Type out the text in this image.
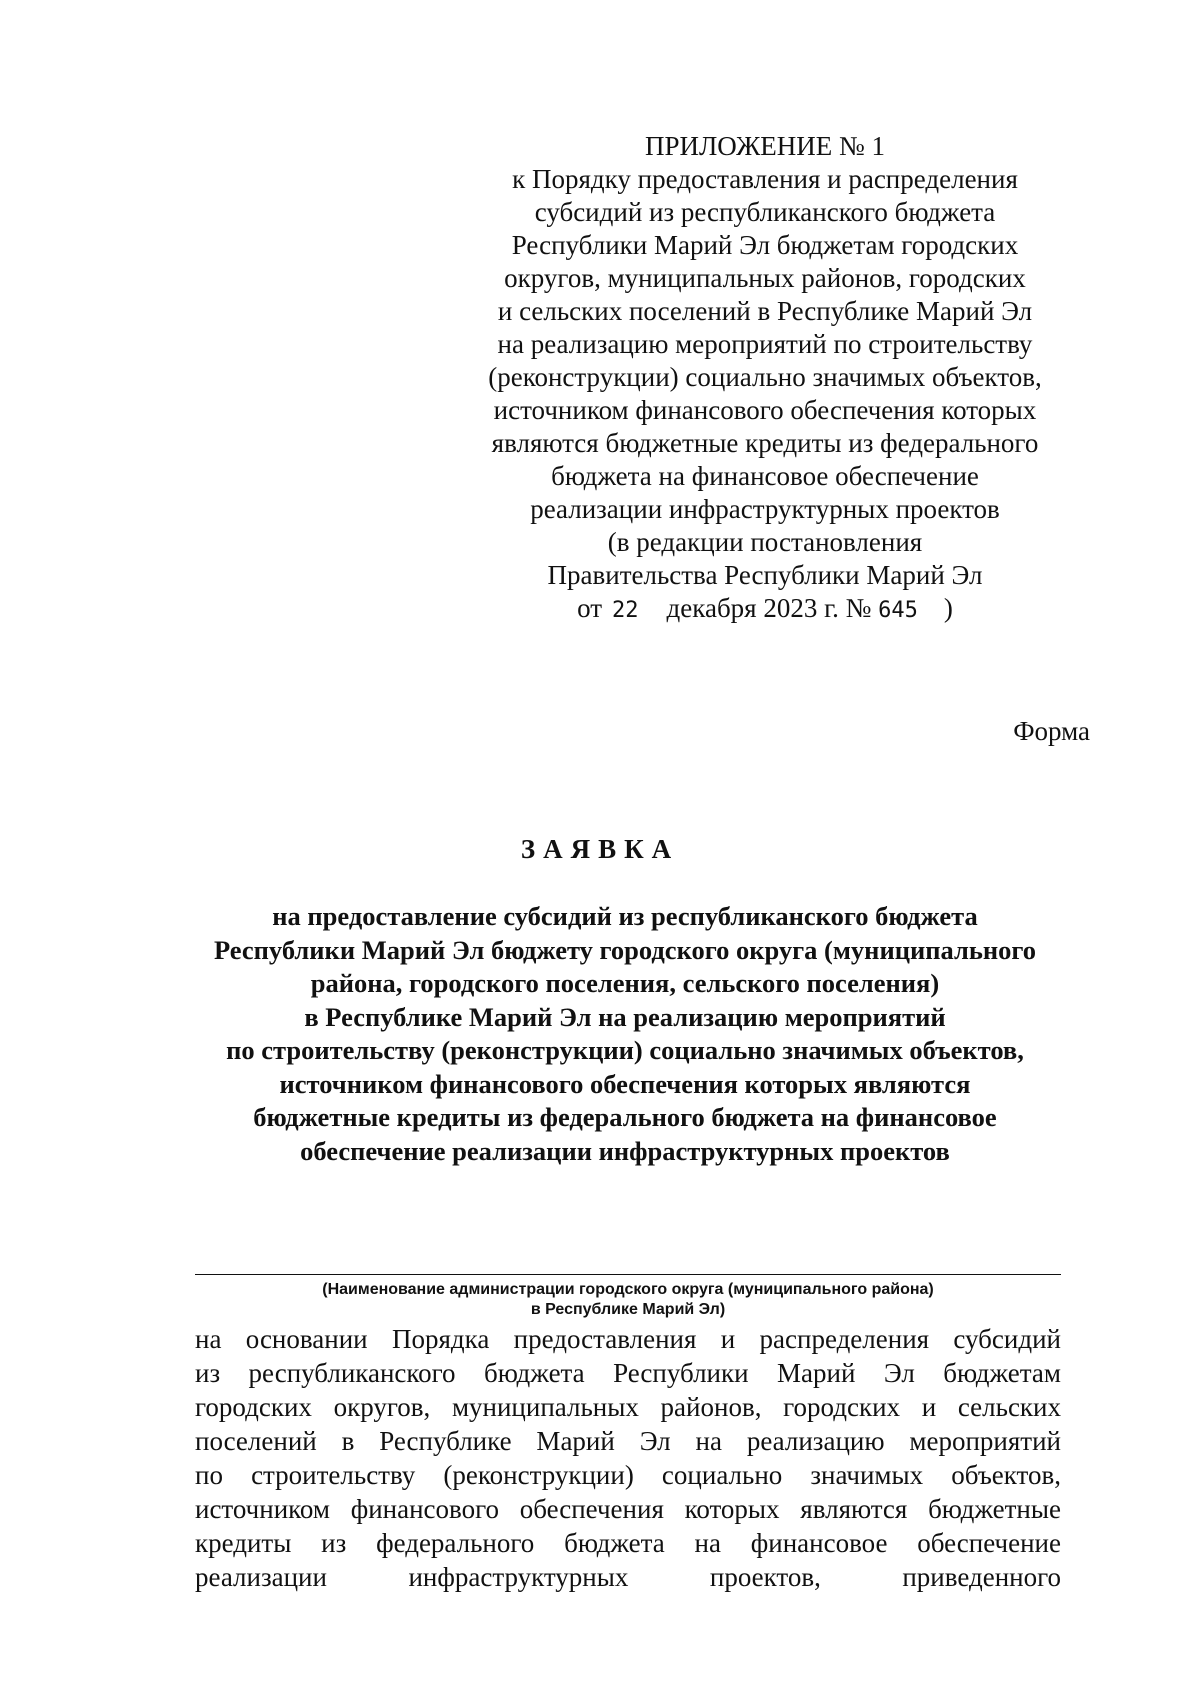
ПРИЛОЖЕНИЕ № 1
к Порядку предоставления и распределения
субсидий из республиканского бюджета
Республики Марий Эл бюджетам городских
округов, муниципальных районов, городских
и сельских поселений в Республике Марий Эл
на реализацию мероприятий по строительству
(реконструкции) социально значимых объектов,
источником финансового обеспечения которых
являются бюджетные кредиты из федерального
бюджета на финансовое обеспечение
реализации инфраструктурных проектов
(в редакции постановления
Правительства Республики Марий Эл
от 22 декабря 2023 г. № 645 )
Форма
ЗАЯВКА
на предоставление субсидий из республиканского бюджета
Республики Марий Эл бюджету городского округа (муниципального
района, городского поселения, сельского поселения)
в Республике Марий Эл на реализацию мероприятий
по строительству (реконструкции) социально значимых объектов,
источником финансового обеспечения которых являются
бюджетные кредиты из федерального бюджета на финансовое
обеспечение реализации инфраструктурных проектов
(Наименование администрации городского округа (муниципального района)
в Республике Марий Эл)
на основании Порядка предоставления и распределения субсидий
из республиканского бюджета Республики Марий Эл бюджетам
городских округов, муниципальных районов, городских и сельских
поселений в Республике Марий Эл на реализацию мероприятий
по строительству (реконструкции) социально значимых объектов,
источником финансового обеспечения которых являются бюджетные
кредиты из федерального бюджета на финансовое обеспечение
реализации инфраструктурных проектов, приведенного
